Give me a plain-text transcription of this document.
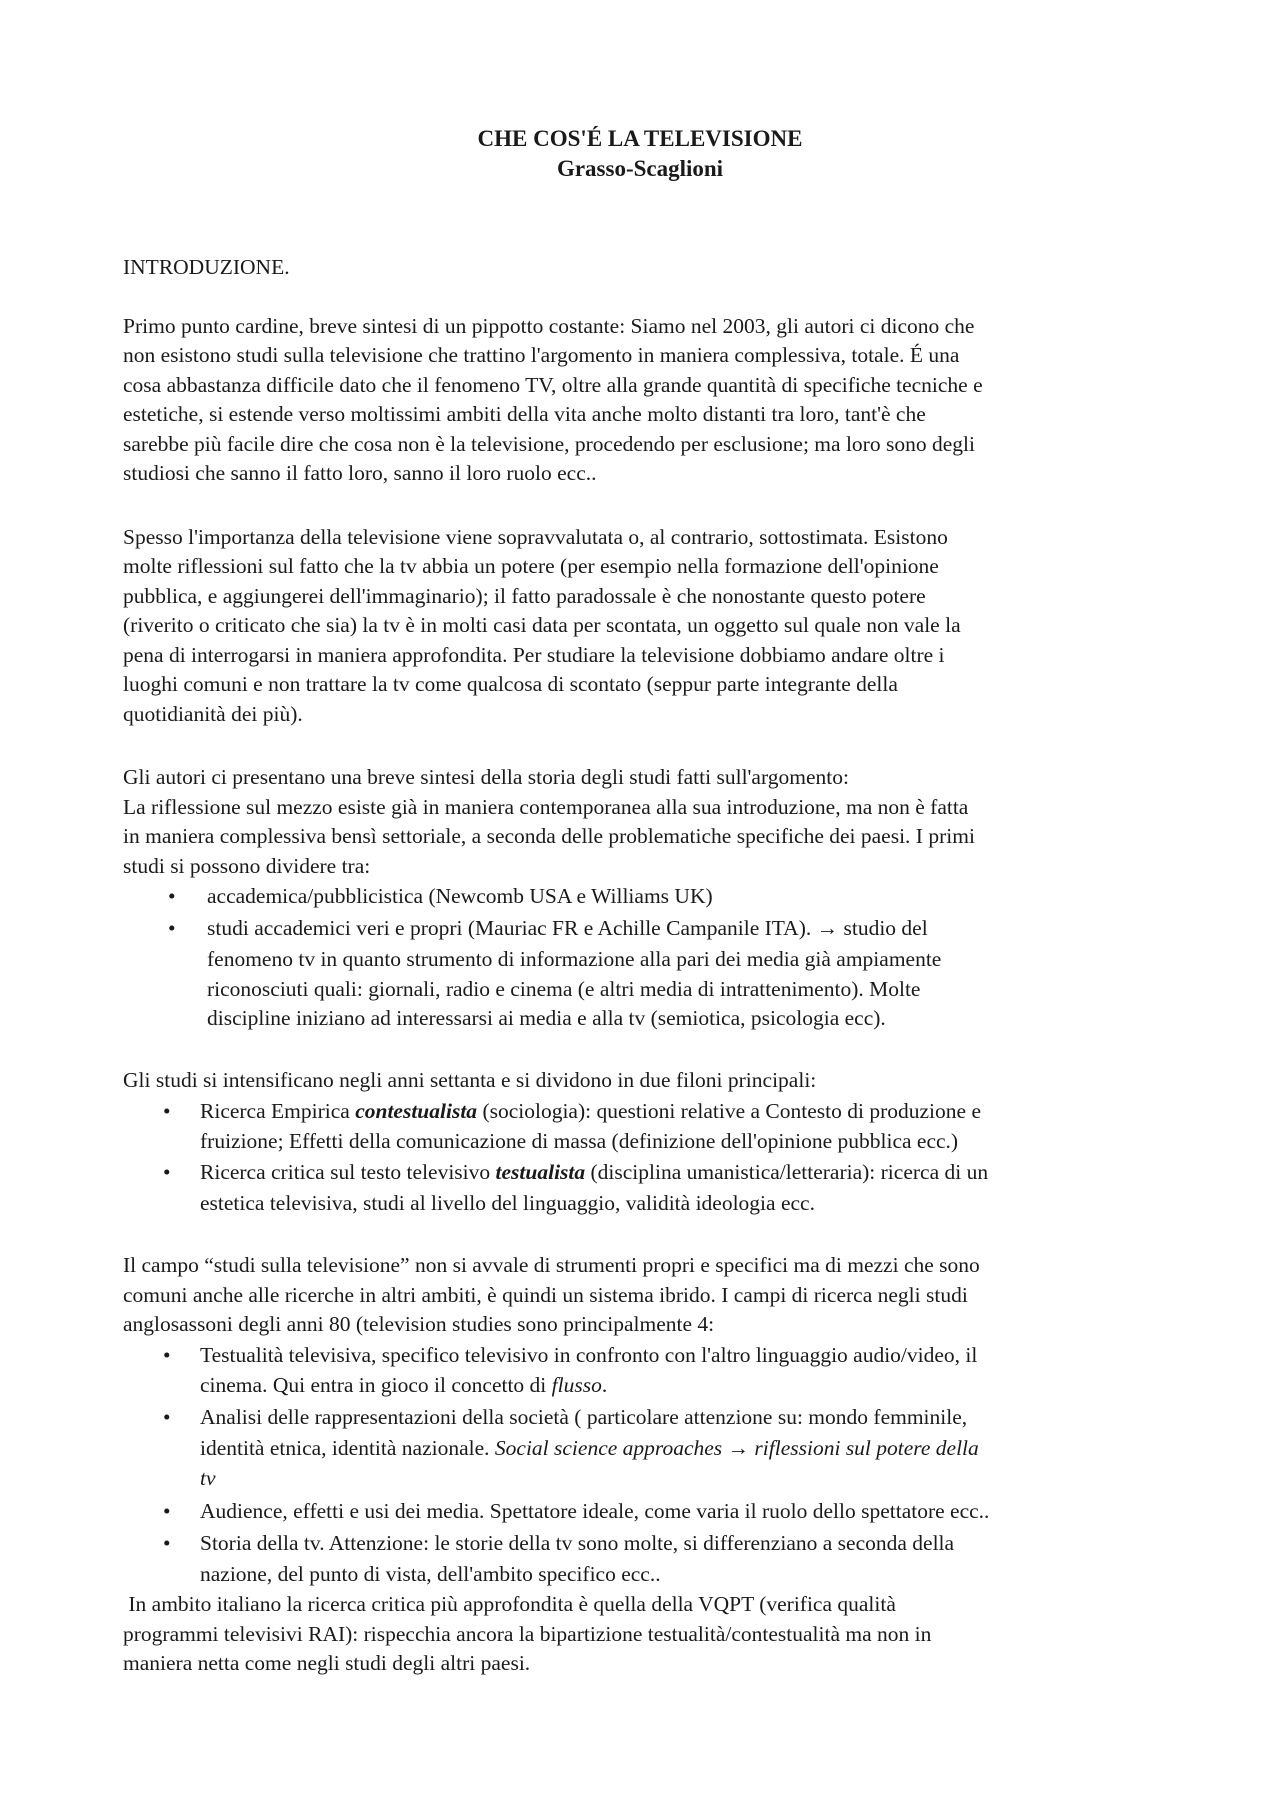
CHE COS'É LA TELEVISIONE
Grasso-Scaglioni
INTRODUZIONE.
Primo punto cardine, breve sintesi di un pippotto costante: Siamo nel 2003, gli autori ci dicono che
non esistono studi sulla televisione che trattino l'argomento in maniera complessiva, totale. É una
cosa abbastanza difficile dato che il fenomeno TV, oltre alla grande quantità di specifiche tecniche e
estetiche, si estende verso moltissimi ambiti della vita anche molto distanti tra loro, tant'è che
sarebbe più facile dire che cosa non è la televisione, procedendo per esclusione; ma loro sono degli
studiosi che sanno il fatto loro, sanno il loro ruolo ecc..
Spesso l'importanza della televisione viene sopravvalutata o, al contrario, sottostimata. Esistono
molte riflessioni sul fatto che la tv abbia un potere (per esempio nella formazione dell'opinione
pubblica, e aggiungerei dell'immaginario); il fatto paradossale è che nonostante questo potere
(riverito o criticato che sia) la tv è in molti casi data per scontata, un oggetto sul quale non vale la
pena di interrogarsi in maniera approfondita. Per studiare la televisione dobbiamo andare oltre i
luoghi comuni e non trattare la tv come qualcosa di scontato (seppur parte integrante della
quotidianità dei più).
Gli autori ci presentano una breve sintesi della storia degli studi fatti sull'argomento:
La riflessione sul mezzo esiste già in maniera contemporanea alla sua introduzione, ma non è fatta
in maniera complessiva bensì settoriale, a seconda delle problematiche specifiche dei paesi. I primi
studi si possono dividere tra:
• accademica/pubblicistica (Newcomb USA e Williams UK)
• studi accademici veri e propri (Mauriac FR e Achille Campanile ITA). → studio del
fenomeno tv in quanto strumento di informazione alla pari dei media già ampiamente
riconosciuti quali: giornali, radio e cinema (e altri media di intrattenimento). Molte
discipline iniziano ad interessarsi ai media e alla tv (semiotica, psicologia ecc).
Gli studi si intensificano negli anni settanta e si dividono in due filoni principali:
• Ricerca Empirica contestualista (sociologia): questioni relative a Contesto di produzione e
fruizione; Effetti della comunicazione di massa (definizione dell'opinione pubblica ecc.)
• Ricerca critica sul testo televisivo testualista (disciplina umanistica/letteraria): ricerca di un
estetica televisiva, studi al livello del linguaggio, validità ideologia ecc.
Il campo “studi sulla televisione” non si avvale di strumenti propri e specifici ma di mezzi che sono
comuni anche alle ricerche in altri ambiti, è quindi un sistema ibrido. I campi di ricerca negli studi
anglosassoni degli anni 80 (television studies sono principalmente 4:
• Testualità televisiva, specifico televisivo in confronto con l'altro linguaggio audio/video, il
cinema. Qui entra in gioco il concetto di flusso.
• Analisi delle rappresentazioni della società ( particolare attenzione su: mondo femminile,
identità etnica, identità nazionale. Social science approaches → riflessioni sul potere della
tv
• Audience, effetti e usi dei media. Spettatore ideale, come varia il ruolo dello spettatore ecc..
• Storia della tv. Attenzione: le storie della tv sono molte, si differenziano a seconda della
nazione, del punto di vista, dell'ambito specifico ecc..
In ambito italiano la ricerca critica più approfondita è quella della VQPT (verifica qualità
programmi televisivi RAI): rispecchia ancora la bipartizione testualità/contestualità ma non in
maniera netta come negli studi degli altri paesi.
